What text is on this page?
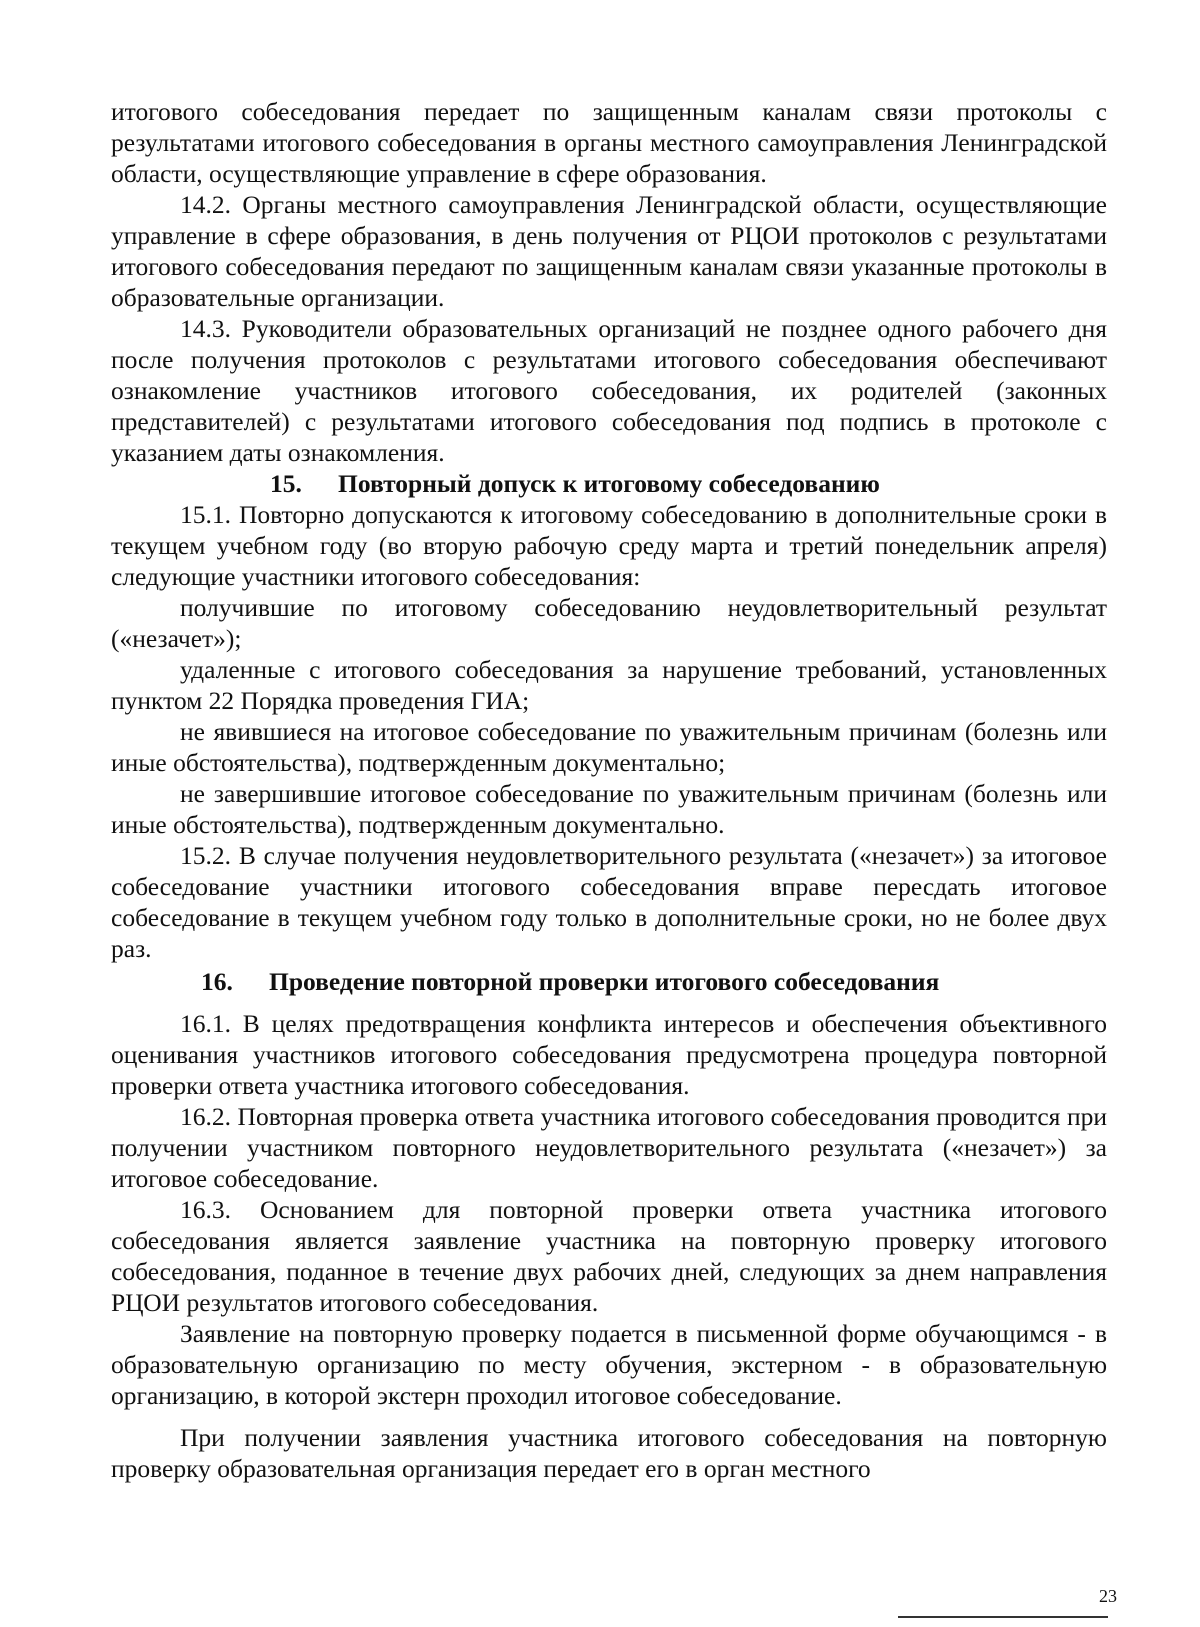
итогового собеседования передает по защищенным каналам связи протоколы с результатами итогового собеседования в органы местного самоуправления Ленинградской области, осуществляющие управление в сфере образования.

14.2. Органы местного самоуправления Ленинградской области, осуществляющие управление в сфере образования, в день получения от РЦОИ протоколов с результатами итогового собеседования передают по защищенным каналам связи указанные протоколы в образовательные организации.

14.3. Руководители образовательных организаций не позднее одного рабочего дня после получения протоколов с результатами итогового собеседования обеспечивают ознакомление участников итогового собеседования, их родителей (законных представителей) с результатами итогового собеседования под подпись в протоколе с указанием даты ознакомления.

15. Повторный допуск к итоговому собеседованию

15.1. Повторно допускаются к итоговому собеседованию в дополнительные сроки в текущем учебном году (во вторую рабочую среду марта и третий понедельник апреля) следующие участники итогового собеседования:

получившие по итоговому собеседованию неудовлетворительный результат («незачет»);

удаленные с итогового собеседования за нарушение требований, установленных пунктом 22 Порядка проведения ГИА;

не явившиеся на итоговое собеседование по уважительным причинам (болезнь или иные обстоятельства), подтвержденным документально;

не завершившие итоговое собеседование по уважительным причинам (болезнь или иные обстоятельства), подтвержденным документально.

15.2. В случае получения неудовлетворительного результата («незачет») за итоговое собеседование участники итогового собеседования вправе пересдать итоговое собеседование в текущем учебном году только в дополнительные сроки, но не более двух раз.

16. Проведение повторной проверки итогового собеседования

16.1. В целях предотвращения конфликта интересов и обеспечения объективного оценивания участников итогового собеседования предусмотрена процедура повторной проверки ответа участника итогового собеседования.

16.2. Повторная проверка ответа участника итогового собеседования проводится при получении участником повторного неудовлетворительного результата («незачет») за итоговое собеседование.

16.3. Основанием для повторной проверки ответа участника итогового собеседования является заявление участника на повторную проверку итогового собеседования, поданное в течение двух рабочих дней, следующих за днем направления РЦОИ результатов итогового собеседования.

Заявление на повторную проверку подается в письменной форме обучающимся - в образовательную организацию по месту обучения, экстерном - в образовательную организацию, в которой экстерн проходил итоговое собеседование.

При получении заявления участника итогового собеседования на повторную проверку образовательная организация передает его в орган местного

23
